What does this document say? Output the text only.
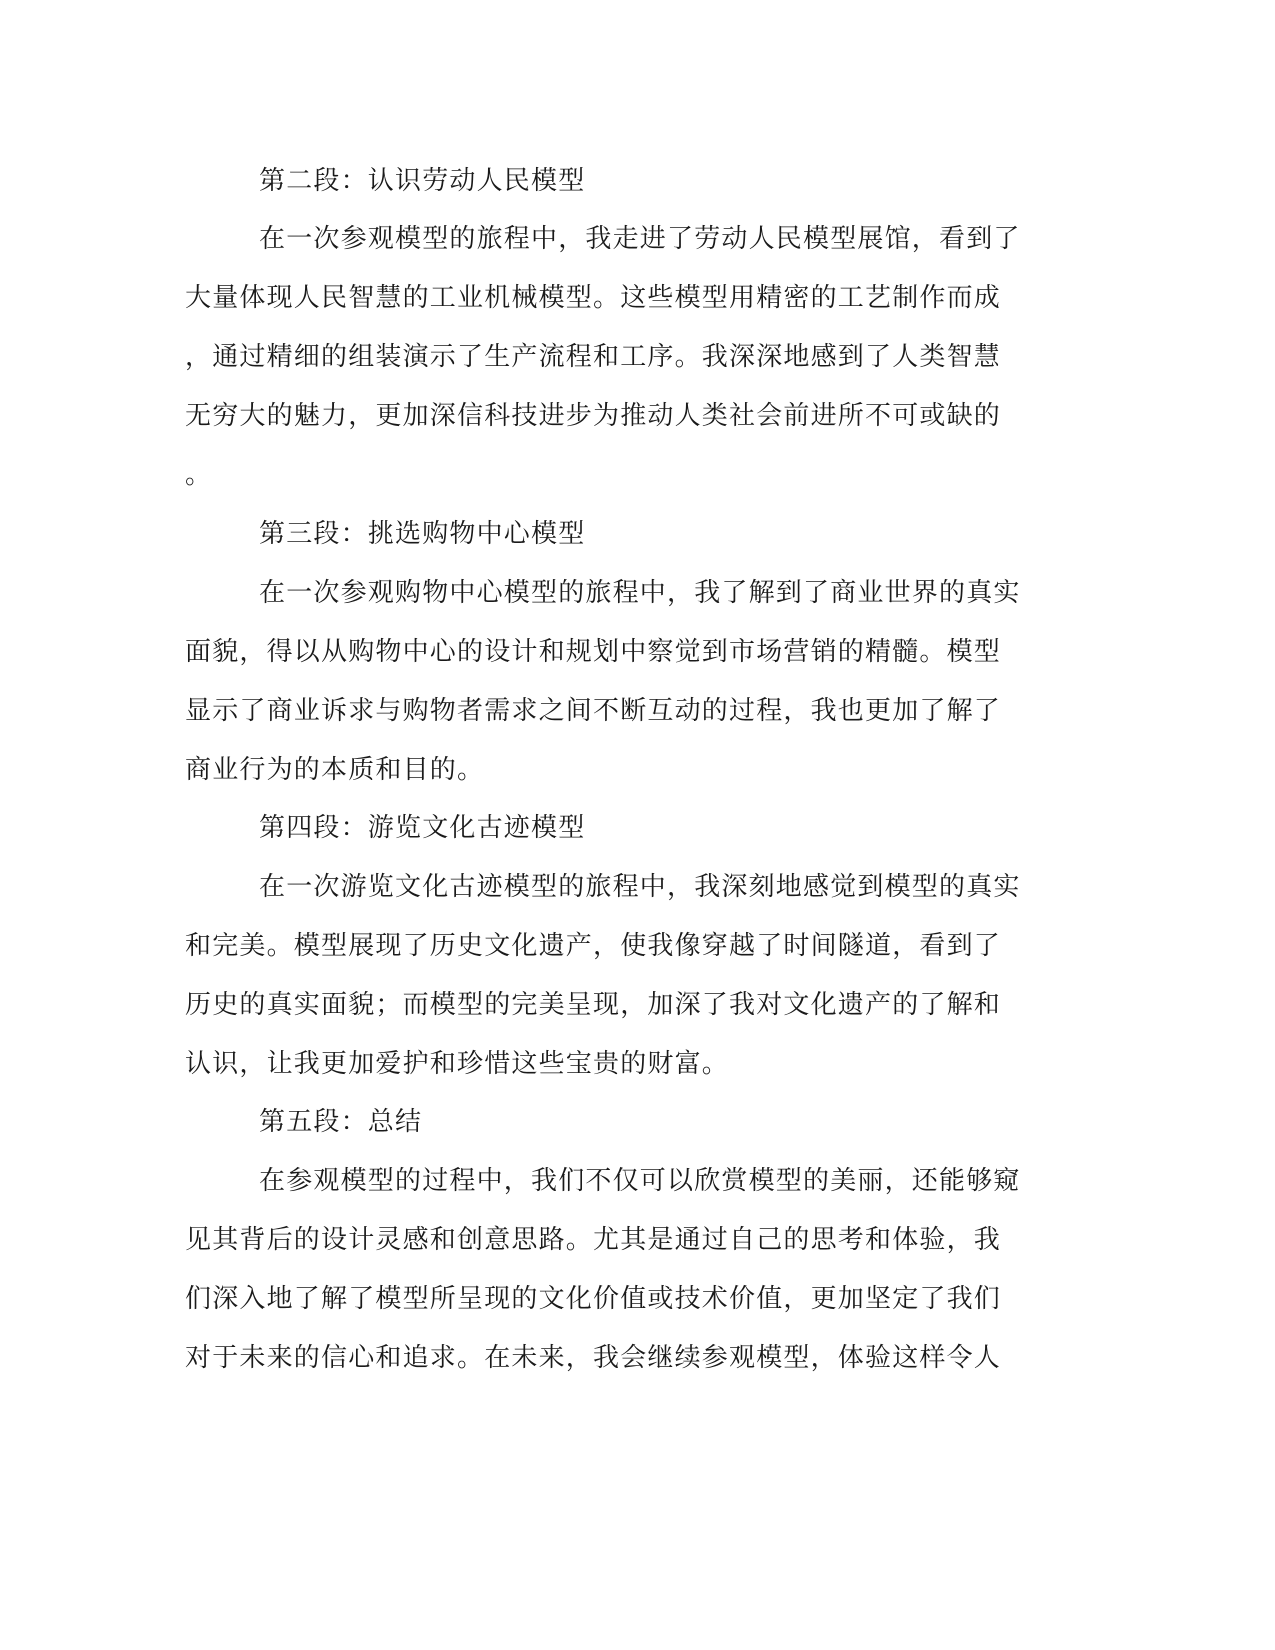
第二段：认识劳动人民模型
在一次参观模型的旅程中，我走进了劳动人民模型展馆，看到了
大量体现人民智慧的工业机械模型。这些模型用精密的工艺制作而成
，通过精细的组装演示了生产流程和工序。我深深地感到了人类智慧
无穷大的魅力，更加深信科技进步为推动人类社会前进所不可或缺的
。
第三段：挑选购物中心模型
在一次参观购物中心模型的旅程中，我了解到了商业世界的真实
面貌，得以从购物中心的设计和规划中察觉到市场营销的精髓。模型
显示了商业诉求与购物者需求之间不断互动的过程，我也更加了解了
商业行为的本质和目的。
第四段：游览文化古迹模型
在一次游览文化古迹模型的旅程中，我深刻地感觉到模型的真实
和完美。模型展现了历史文化遗产，使我像穿越了时间隧道，看到了
历史的真实面貌；而模型的完美呈现，加深了我对文化遗产的了解和
认识，让我更加爱护和珍惜这些宝贵的财富。
第五段：总结
在参观模型的过程中，我们不仅可以欣赏模型的美丽，还能够窥
见其背后的设计灵感和创意思路。尤其是通过自己的思考和体验，我
们深入地了解了模型所呈现的文化价值或技术价值，更加坚定了我们
对于未来的信心和追求。在未来，我会继续参观模型，体验这样令人
